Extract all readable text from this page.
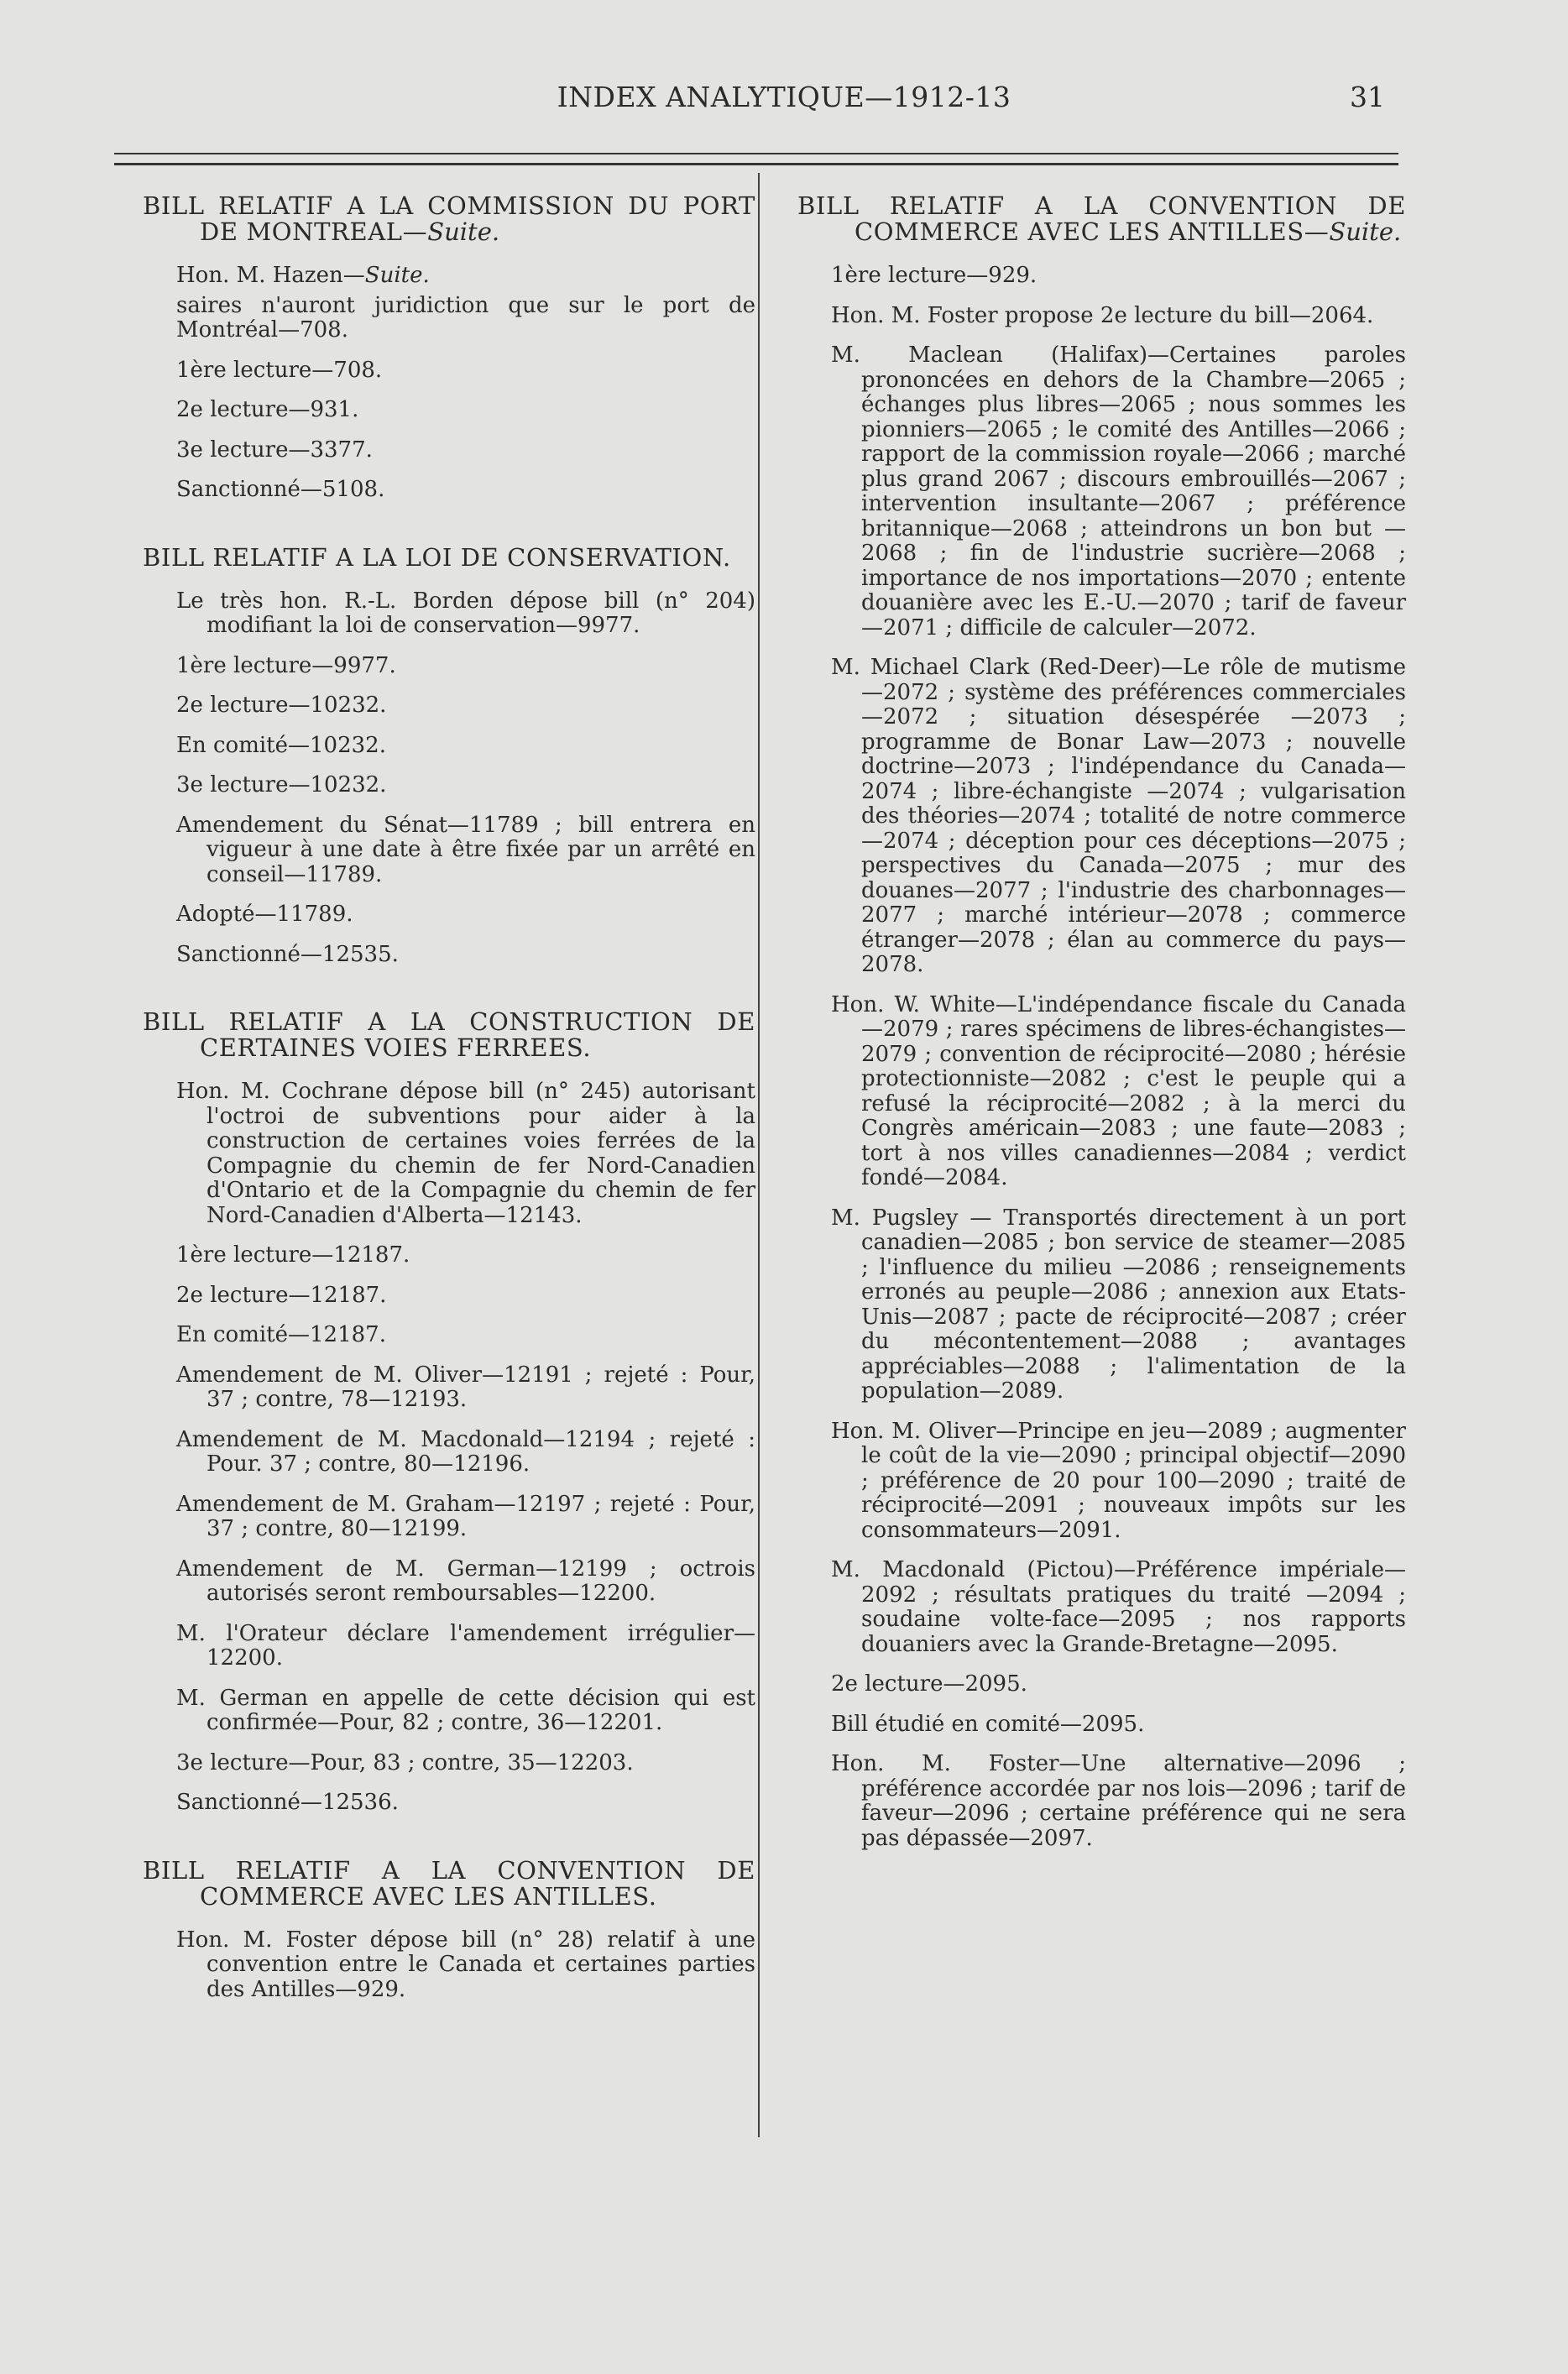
INDEX ANALYTIQUE—1912-13	31
BILL RELATIF A LA COMMISSION DU PORT DE MONTREAL—Suite.
Hon. M. Hazen—Suite.
saires n'auront juridiction que sur le port de Montréal—708.
1ère lecture—708.
2e lecture—931.
3e lecture—3377.
Sanctionné—5108.
BILL RELATIF A LA LOI DE CONSERVATION.
Le très hon. R.-L. Borden dépose bill (n° 204) modifiant la loi de conservation—9977.
1ère lecture—9977.
2e lecture—10232.
En comité—10232.
3e lecture—10232.
Amendement du Sénat—11789 ; bill entrera en vigueur à une date à être fixée par un arrêté en conseil—11789.
Adopté—11789.
Sanctionné—12535.
BILL RELATIF A LA CONSTRUCTION DE CERTAINES VOIES FERREES.
Hon. M. Cochrane dépose bill (n° 245) autorisant l'octroi de subventions pour aider à la construction de certaines voies ferrées de la Compagnie du chemin de fer Nord-Canadien d'Ontario et de la Compagnie du chemin de fer Nord-Canadien d'Alberta—12143.
1ère lecture—12187.
2e lecture—12187.
En comité—12187.
Amendement de M. Oliver—12191 ; rejeté : Pour, 37 ; contre, 78—12193.
Amendement de M. Macdonald—12194 ; rejeté : Pour. 37 ; contre, 80—12196.
Amendement de M. Graham—12197 ; rejeté : Pour, 37 ; contre, 80—12199.
Amendement de M. German—12199 ; octrois autorisés seront remboursables—12200.
M. l'Orateur déclare l'amendement irrégulier—12200.
M. German en appelle de cette décision qui est confirmée—Pour, 82 ; contre, 36—12201.
3e lecture—Pour, 83 ; contre, 35—12203.
Sanctionné—12536.
BILL RELATIF A LA CONVENTION DE COMMERCE AVEC LES ANTILLES.
Hon. M. Foster dépose bill (n° 28) relatif à une convention entre le Canada et certaines parties des Antilles—929.
BILL RELATIF A LA CONVENTION DE COMMERCE AVEC LES ANTILLES—Suite.
1ère lecture—929.
Hon. M. Foster propose 2e lecture du bill—2064.
M. Maclean (Halifax)—Certaines paroles prononcées en dehors de la Chambre—2065 ; échanges plus libres—2065 ; nous sommes les pionniers—2065 ; le comité des Antilles—2066 ; rapport de la commission royale—2066 ; marché plus grand 2067 ; discours embrouillés—2067 ; intervention insultante—2067 ; préférence britannique—2068 ; atteindrons un bon but —2068 ; fin de l'industrie sucrière—2068 ; importance de nos importations—2070 ; entente douanière avec les E.-U.—2070 ; tarif de faveur—2071 ; difficile de calculer—2072.
M. Michael Clark (Red-Deer)—Le rôle de mutisme—2072 ; système des préférences commerciales—2072 ; situation désespérée —2073 ; programme de Bonar Law—2073 ; nouvelle doctrine—2073 ; l'indépendance du Canada—2074 ; libre-échangiste —2074 ; vulgarisation des théories—2074 ; totalité de notre commerce—2074 ; déception pour ces déceptions—2075 ; perspectives du Canada—2075 ; mur des douanes—2077 ; l'industrie des charbonnages—2077 ; marché intérieur—2078 ; commerce étranger—2078 ; élan au commerce du pays—2078.
Hon. W. White—L'indépendance fiscale du Canada—2079 ; rares spécimens de libres-échangistes—2079 ; convention de réciprocité—2080 ; hérésie protectionniste—2082 ; c'est le peuple qui a refusé la réciprocité—2082 ; à la merci du Congrès américain—2083 ; une faute—2083 ; tort à nos villes canadiennes—2084 ; verdict fondé—2084.
M. Pugsley — Transportés directement à un port canadien—2085 ; bon service de steamer—2085 ; l'influence du milieu —2086 ; renseignements erronés au peuple—2086 ; annexion aux Etats-Unis—2087 ; pacte de réciprocité—2087 ; créer du mécontentement—2088 ; avantages appréciables—2088 ; l'alimentation de la population—2089.
Hon. M. Oliver—Principe en jeu—2089 ; augmenter le coût de la vie—2090 ; principal objectif—2090 ; préférence de 20 pour 100—2090 ; traité de réciprocité—2091 ; nouveaux impôts sur les consommateurs—2091.
M. Macdonald (Pictou)—Préférence impériale—2092 ; résultats pratiques du traité —2094 ; soudaine volte-face—2095 ; nos rapports douaniers avec la Grande-Bretagne—2095.
2e lecture—2095.
Bill étudié en comité—2095.
Hon. M. Foster—Une alternative—2096 ; préférence accordée par nos lois—2096 ; tarif de faveur—2096 ; certaine préférence qui ne sera pas dépassée—2097.
